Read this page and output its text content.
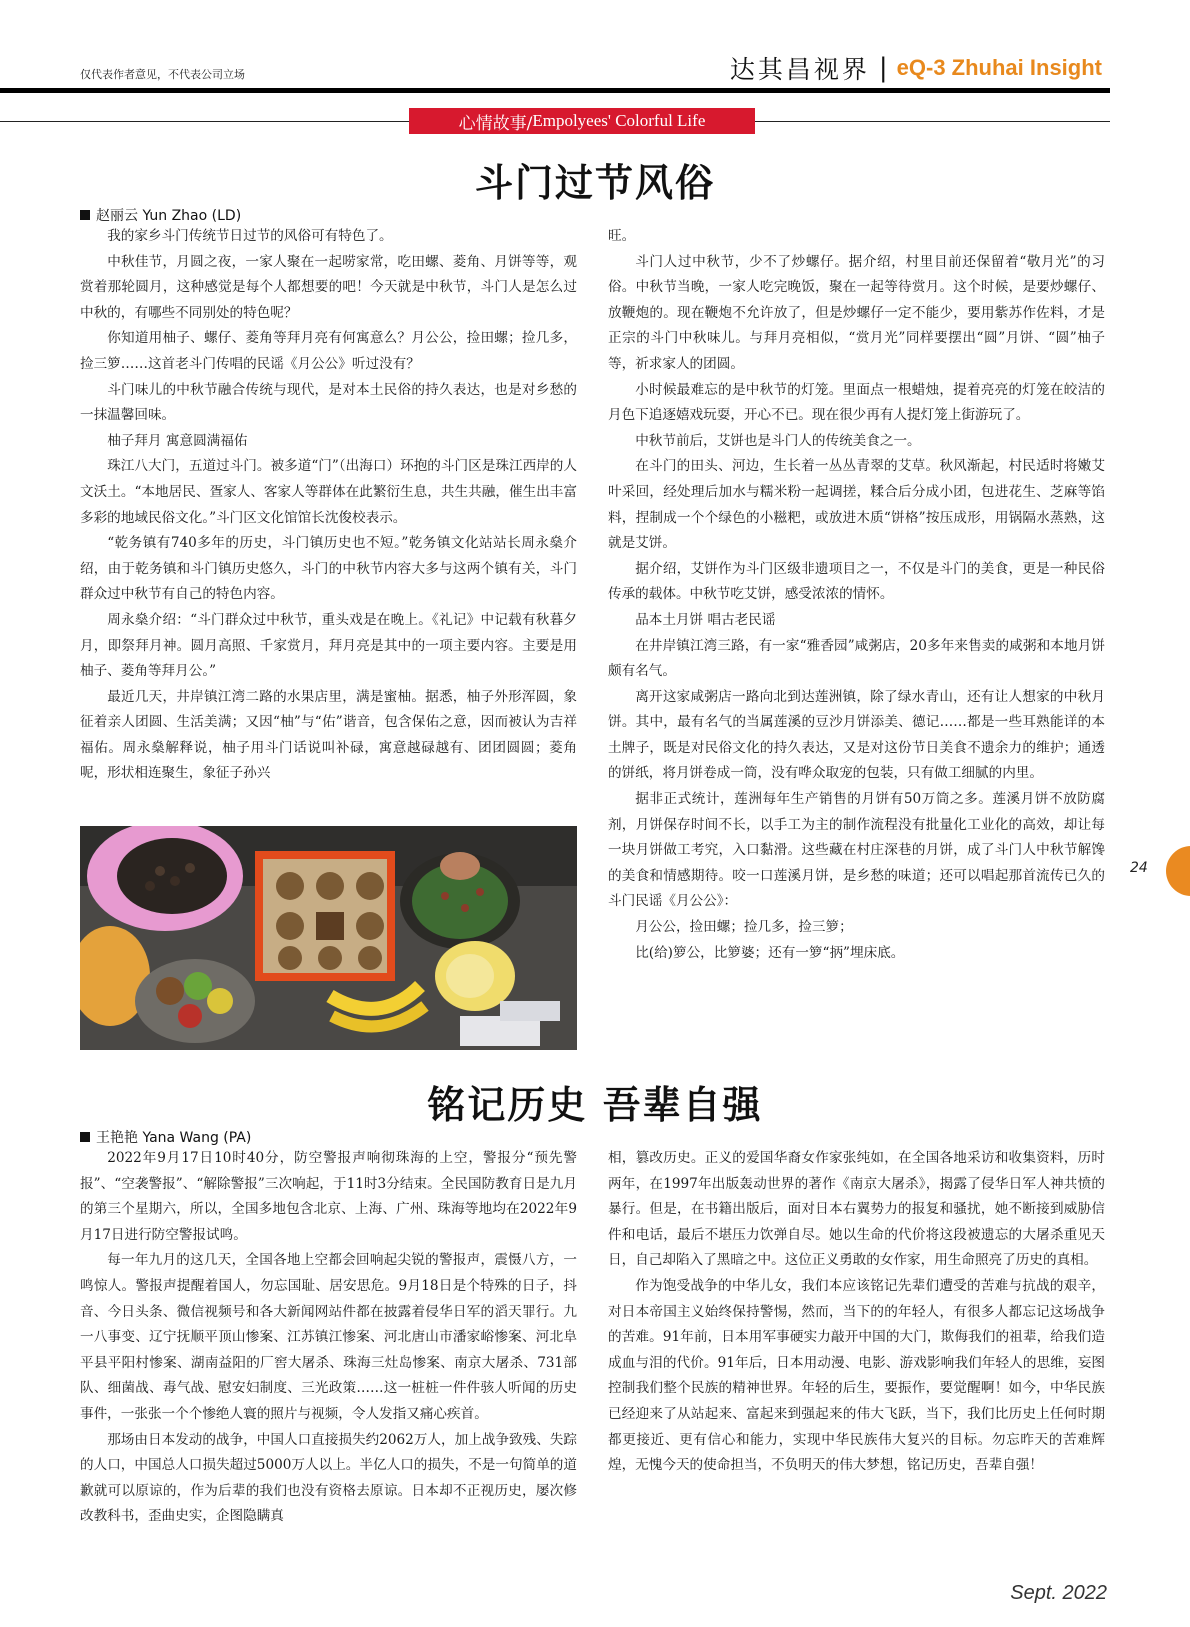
仅代表作者意见，不代表公司立场	达其昌视界 | eQ-3 Zhuhai Insight
心情故事/ Empolyees' Colorful Life
斗门过节风俗
赵丽云 Yun Zhao (LD)

我的家乡斗门传统节日过节的风俗可有特色了。

中秋佳节，月圆之夜，一家人聚在一起唠家常，吃田螺、菱角、月饼等等，观赏着那轮圆月，这种感觉是每个人都想要的吧！今天就是中秋节，斗门人是怎么过中秋的，有哪些不同别处的特色呢？

你知道用柚子、螺仔、菱角等拜月亮有何寓意么？月公公，捡田螺；捡几多，捡三箩……这首老斗门传唱的民谣《月公公》听过没有？

斗门味儿的中秋节融合传统与现代，是对本土民俗的持久表达，也是对乡愁的一抹温馨回味。

柚子拜月 寓意圆满福佑

珠江八大门，五道过斗门。被多道“门”（出海口）环抱的斗门区是珠江西岸的人文沃土。“本地居民、疍家人、客家人等群体在此繁衍生息，共生共融，催生出丰富多彩的地域民俗文化。”斗门区文化馆馆长沈俊校表示。

“乾务镇有740多年的历史，斗门镇历史也不短。”乾务镇文化站站长周永燊介绍，由于乾务镇和斗门镇历史悠久，斗门的中秋节内容大多与这两个镇有关，斗门群众过中秋节有自己的特色内容。

周永燊介绍：“斗门群众过中秋节，重头戏是在晚上。《礼记》中记载有秋暮夕月，即祭拜月神。圆月高照、千家赏月，拜月亮是其中的一项主要内容。主要是用柚子、菱角等拜月公。”

最近几天，井岸镇江湾二路的水果店里，满是蜜柚。据悉，柚子外形浑圆，象征着亲人团圆、生活美满；又因“柚”与“佑”谐音，包含保佑之意，因而被认为吉祥福佑。周永燊解释说，柚子用斗门话说叫补碌，寓意越碌越有、团团圆圆；菱角呢，形状相连聚生，象征子孙兴

旺。

斗门人过中秋节，少不了炒螺仔。据介绍，村里目前还保留着“敬月光”的习俗。中秋节当晚，一家人吃完晚饭，聚在一起等待赏月。这个时候，是要炒螺仔、放鞭炮的。现在鞭炮不允许放了，但是炒螺仔一定不能少，要用紫苏作佐料，才是正宗的斗门中秋味儿。与拜月亮相似，“赏月光”同样要摆出“圆”月饼、“圆”柚子等，祈求家人的团圆。

小时候最难忘的是中秋节的灯笼。里面点一根蜡烛，提着亮亮的灯笼在皎洁的月色下追逐嬉戏玩耍，开心不已。现在很少再有人提灯笼上街游玩了。

中秋节前后，艾饼也是斗门人的传统美食之一。

在斗门的田头、河边，生长着一丛丛青翠的艾草。秋风渐起，村民适时将嫩艾叶采回，经处理后加水与糯米粉一起调搓，糅合后分成小团，包进花生、芝麻等馅料，捏制成一个个绿色的小糍粑，或放进木质“饼格”按压成形，用锅隔水蒸熟，这就是艾饼。

据介绍，艾饼作为斗门区级非遗项目之一，不仅是斗门的美食，更是一种民俗传承的载体。中秋节吃艾饼，感受浓浓的情怀。

品本土月饼 唱古老民谣

在井岸镇江湾三路，有一家“雅香园”咸粥店，20多年来售卖的咸粥和本地月饼颇有名气。

离开这家咸粥店一路向北到达莲洲镇，除了绿水青山，还有让人想家的中秋月饼。其中，最有名气的当属莲溪的豆沙月饼添美、德记……都是一些耳熟能详的本土牌子，既是对民俗文化的持久表达，又是对这份节日美食不遗余力的维护；通透的饼纸，将月饼卷成一筒，没有哗众取宠的包装，只有做工细腻的内里。

据非正式统计，莲洲每年生产销售的月饼有50万筒之多。莲溪月饼不放防腐剂，月饼保存时间不长，以手工为主的制作流程没有批量化工业化的高效，却让每一块月饼做工考究，入口黏滑。这些藏在村庄深巷的月饼，成了斗门人中秋节解馋的美食和情感期待。咬一口莲溪月饼，是乡愁的味道；还可以唱起那首流传已久的斗门民谣《月公公》：

月公公，捡田螺；捡几多，捡三箩；

比(给)箩公，比箩婆；还有一箩“抦”埋床底。

铭记历史 吾辈自强
王艳艳 Yana Wang (PA)

2022年9月17日10时40分，防空警报声响彻珠海的上空，警报分“预先警报”、“空袭警报”、“解除警报”三次响起，于11时3分结束。全民国防教育日是九月的第三个星期六，所以，全国多地包含北京、上海、广州、珠海等地均在2022年9月17日进行防空警报试鸣。

每一年九月的这几天，全国各地上空都会回响起尖锐的警报声，震慑八方，一鸣惊人。警报声提醒着国人，勿忘国耻、居安思危。9月18日是个特殊的日子，抖音、今日头条、微信视频号和各大新闻网站件都在披露着侵华日军的滔天罪行。九一八事变、辽宁抚顺平顶山惨案、江苏镇江惨案、河北唐山市潘家峪惨案、河北阜平县平阳村惨案、湖南益阳的厂窖大屠杀、珠海三灶岛惨案、南京大屠杀、731部队、细菌战、毒气战、慰安妇制度、三光政策……这一桩桩一件件骇人听闻的历史事件，一张张一个个惨绝人寰的照片与视频，令人发指又痛心疾首。

那场由日本发动的战争，中国人口直接损失约2062万人，加上战争致残、失踪的人口，中国总人口损失超过5000万人以上。半亿人口的损失，不是一句简单的道歉就可以原谅的，作为后辈的我们也没有资格去原谅。日本却不正视历史，屡次修改教科书，歪曲史实，企图隐瞒真

相，篡改历史。正义的爱国华裔女作家张纯如，在全国各地采访和收集资料，历时两年，在1997年出版轰动世界的著作《南京大屠杀》，揭露了侵华日军人神共愤的暴行。但是，在书籍出版后，面对日本右翼势力的报复和骚扰，她不断接到威胁信件和电话，最后不堪压力饮弹自尽。她以生命的代价将这段被遗忘的大屠杀重见天日，自己却陷入了黑暗之中。这位正义勇敢的女作家，用生命照亮了历史的真相。

作为饱受战争的中华儿女，我们本应该铭记先辈们遭受的苦难与抗战的艰辛，对日本帝国主义始终保持警惕，然而，当下的的年轻人，有很多人都忘记这场战争的苦难。91年前，日本用军事硬实力敲开中国的大门，欺侮我们的祖辈，给我们造成血与泪的代价。91年后，日本用动漫、电影、游戏影响我们年轻人的思维，妄图控制我们整个民族的精神世界。年轻的后生，要振作，要觉醒啊！如今，中华民族已经迎来了从站起来、富起来到强起来的伟大飞跃，当下，我们比历史上任何时期都更接近、更有信心和能力，实现中华民族伟大复兴的目标。勿忘昨天的苦难辉煌，无愧今天的使命担当，不负明天的伟大梦想，铭记历史，吾辈自强！

24
Sept. 2022
